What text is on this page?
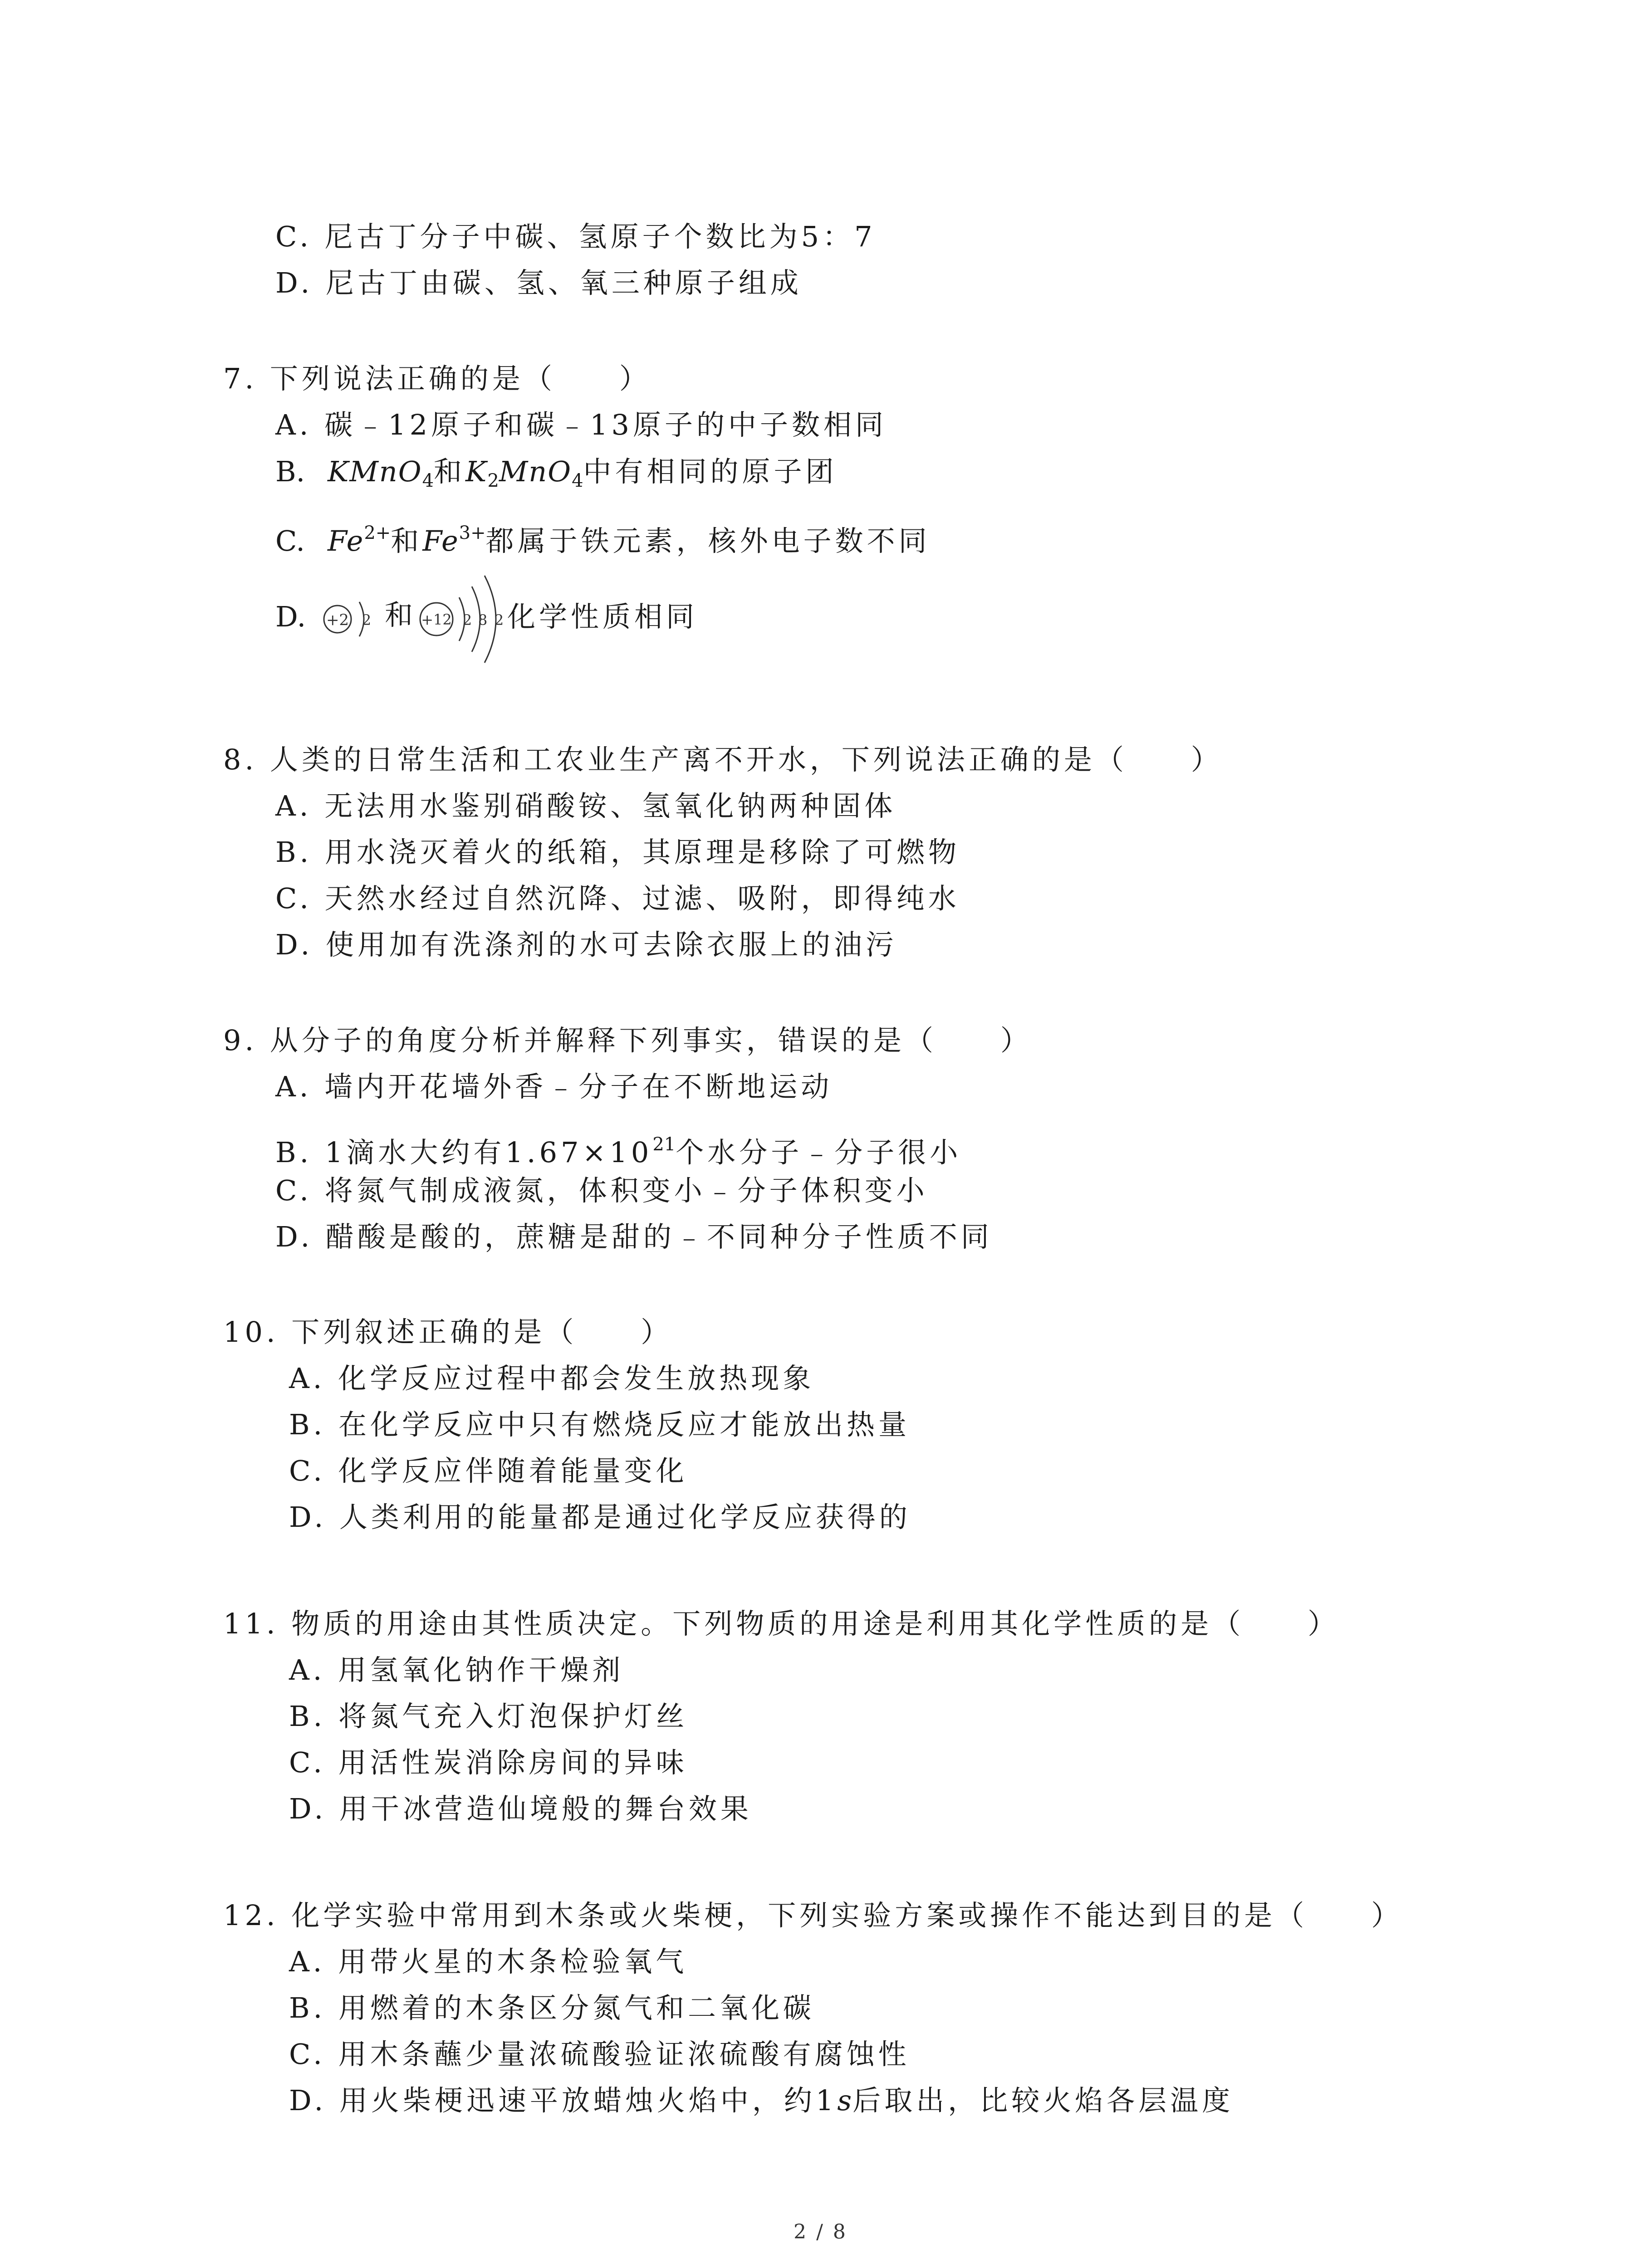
C. 尼古丁分子中碳、氢原子个数比为5：7
D. 尼古丁由碳、氢、氧三种原子组成
7. 下列说法正确的是（　　）
A. 碳﹣12原子和碳﹣13原子的中子数相同
B. KMnO$_4$和$K_2MnO_4$中有相同的原子团
C. $Fe^{2+}$和$Fe^{3+}$都属于铁元素，核外电子数不同
D.	+2 2 和 +12 2 8 2 化学性质相同
8. 人类的日常生活和工农业生产离不开水，下列说法正确的是（　　）
A. 无法用水鉴别硝酸铵、氢氧化钠两种固体
B. 用水浇灭着火的纸箱，其原理是移除了可燃物
C. 天然水经过自然沉降、过滤、吸附，即得纯水
D. 使用加有洗涤剂的水可去除衣服上的油污
9. 从分子的角度分析并解释下列事实，错误的是（　　）
A. 墙内开花墙外香﹣分子在不断地运动
B. 1滴水大约有$1.67\times 10^{21}$个水分子﹣分子很小
C. 将氮气制成液氮，体积变小﹣分子体积变小
D. 醋酸是酸的，蔗糖是甜的﹣不同种分子性质不同
10. 下列叙述正确的是（　　）
A. 化学反应过程中都会发生放热现象
B. 在化学反应中只有燃烧反应才能放出热量
C. 化学反应伴随着能量变化
D. 人类利用的能量都是通过化学反应获得的
11. 物质的用途由其性质决定。下列物质的用途是利用其化学性质的是（　　）
A. 用氢氧化钠作干燥剂
B. 将氮气充入灯泡保护灯丝
C. 用活性炭消除房间的异味
D. 用干冰营造仙境般的舞台效果
12. 化学实验中常用到木条或火柴梗，下列实验方案或操作不能达到目的是（　　）
A. 用带火星的木条检验氧气
B. 用燃着的木条区分氮气和二氧化碳
C. 用木条蘸少量浓硫酸验证浓硫酸有腐蚀性
D. 用火柴梗迅速平放蜡烛火焰中，约1s后取出，比较火焰各层温度
2 / 8
